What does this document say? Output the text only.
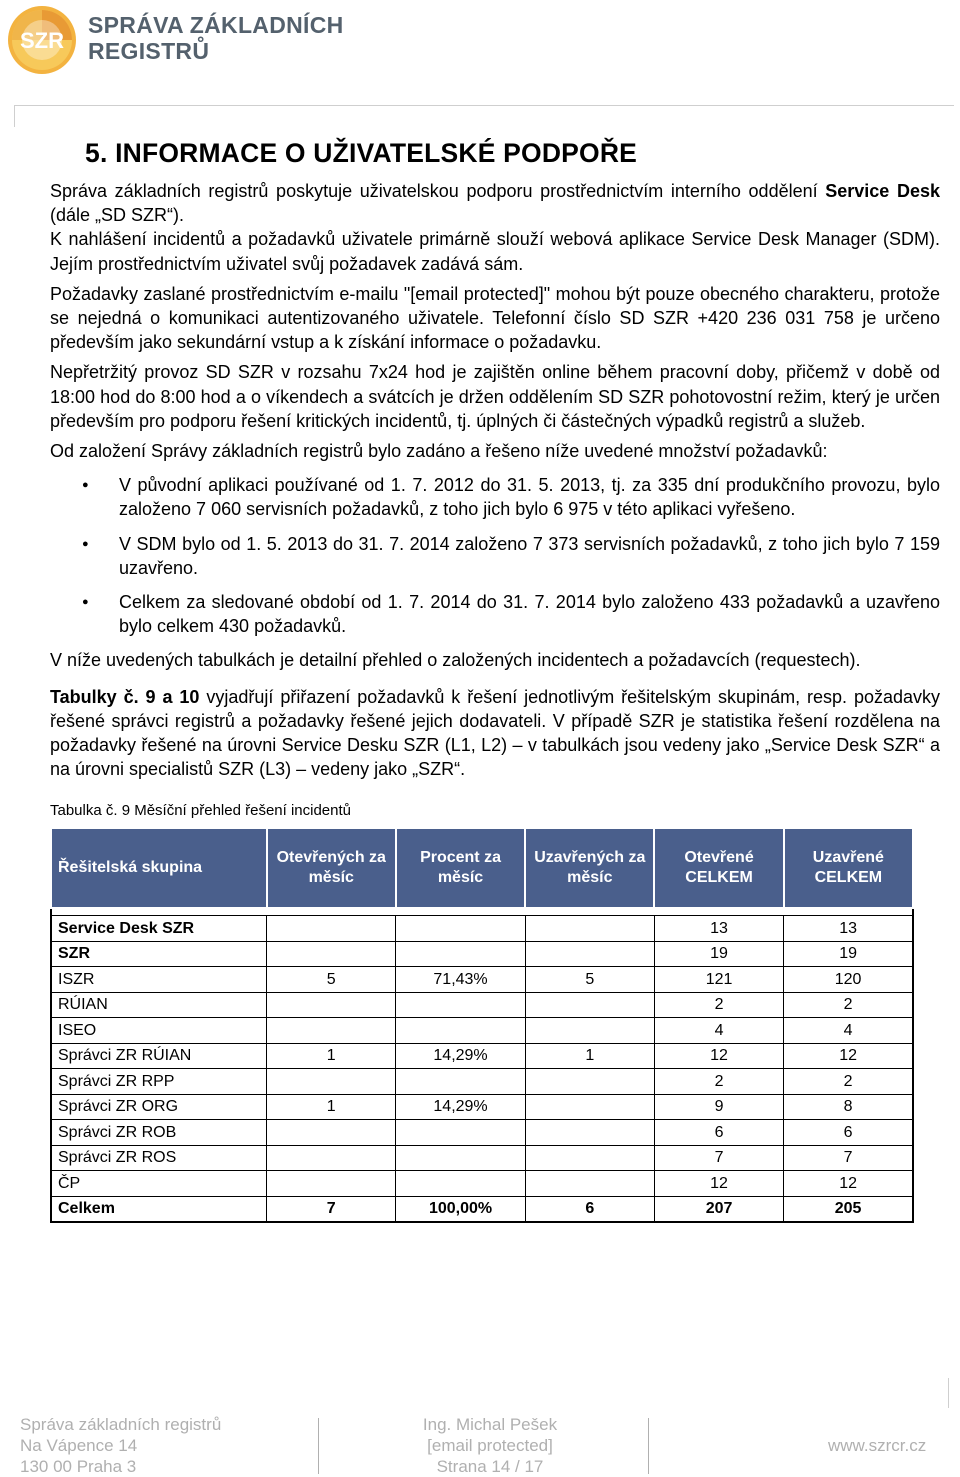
SZR
SPRÁVA ZÁKLADNÍCH
REGISTRŮ
5. INFORMACE O UŽIVATELSKÉ PODPOŘE

Správa základních registrů poskytuje uživatelskou podporu prostřednictvím interního oddělení Service Desk (dále „SD SZR“).

K nahlášení incidentů a požadavků uživatele primárně slouží webová aplikace Service Desk Manager (SDM). Jejím prostřednictvím uživatel svůj požadavek zadává sám.

Požadavky zaslané prostřednictvím e-mailu "[email protected]" mohou být pouze obecného charakteru, protože se nejedná o komunikaci autentizovaného uživatele. Telefonní číslo SD SZR +420 236 031 758 je určeno především jako sekundární vstup a k získání informace o požadavku.

Nepřetržitý provoz SD SZR v rozsahu 7x24 hod je zajištěn online během pracovní doby, přičemž v době od 18:00 hod do 8:00 hod a o víkendech a svátcích je držen oddělením SD SZR pohotovostní režim, který je určen především pro podporu řešení kritických incidentů, tj. úplných či částečných výpadků registrů a služeb.

Od založení Správy základních registrů bylo zadáno a řešeno níže uvedené množství požadavků:

● V původní aplikaci používané od 1. 7. 2012 do 31. 5. 2013, tj. za 335 dní produkčního provozu, bylo založeno 7 060 servisních požadavků, z toho jich bylo 6 975 v této aplikaci vyřešeno.
● V SDM bylo od 1. 5. 2013 do 31. 7. 2014 založeno 7 373 servisních požadavků, z toho jich bylo 7 159 uzavřeno.
● Celkem za sledované období od 1. 7. 2014 do 31. 7. 2014 bylo založeno 433 požadavků a uzavřeno bylo celkem 430 požadavků.

V níže uvedených tabulkách je detailní přehled o založených incidentech a požadavcích (requestech).

Tabulky č. 9 a 10 vyjadřují přiřazení požadavků k řešení jednotlivým řešitelským skupinám, resp. požadavky řešené správci registrů a požadavky řešené jejich dodavateli. V případě SZR je statistika řešení rozdělena na požadavky řešené na úrovni Service Desku SZR (L1, L2) – v tabulkách jsou vedeny jako „Service Desk SZR“ a na úrovni specialistů SZR (L3) – vedeny jako „SZR“.

Tabulka č. 9 Měsíční přehled řešení incidentů
Řešitelská skupina	Otevřených za měsíc	Procent za měsíc	Uzavřených za měsíc	Otevřené CELKEM	Uzavřené CELKEM

Service Desk SZR				13	13
SZR				19	19
ISZR	5	71,43%	5	121	120
RÚIAN				2	2
ISEO				4	4
Správci ZR RÚIAN	1	14,29%	1	12	12
Správci ZR RPP				2	2
Správci ZR ORG	1	14,29%		9	8
Správci ZR ROB				6	6
Správci ZR ROS				7	7
ČP				12	12
Celkem	7	100,00%	6	207	205
Správa základních registrů
Na Vápence 14
130 00 Praha 3
Ing. Michal Pešek
[email protected]
Strana 14 / 17
www.szrcr.cz
